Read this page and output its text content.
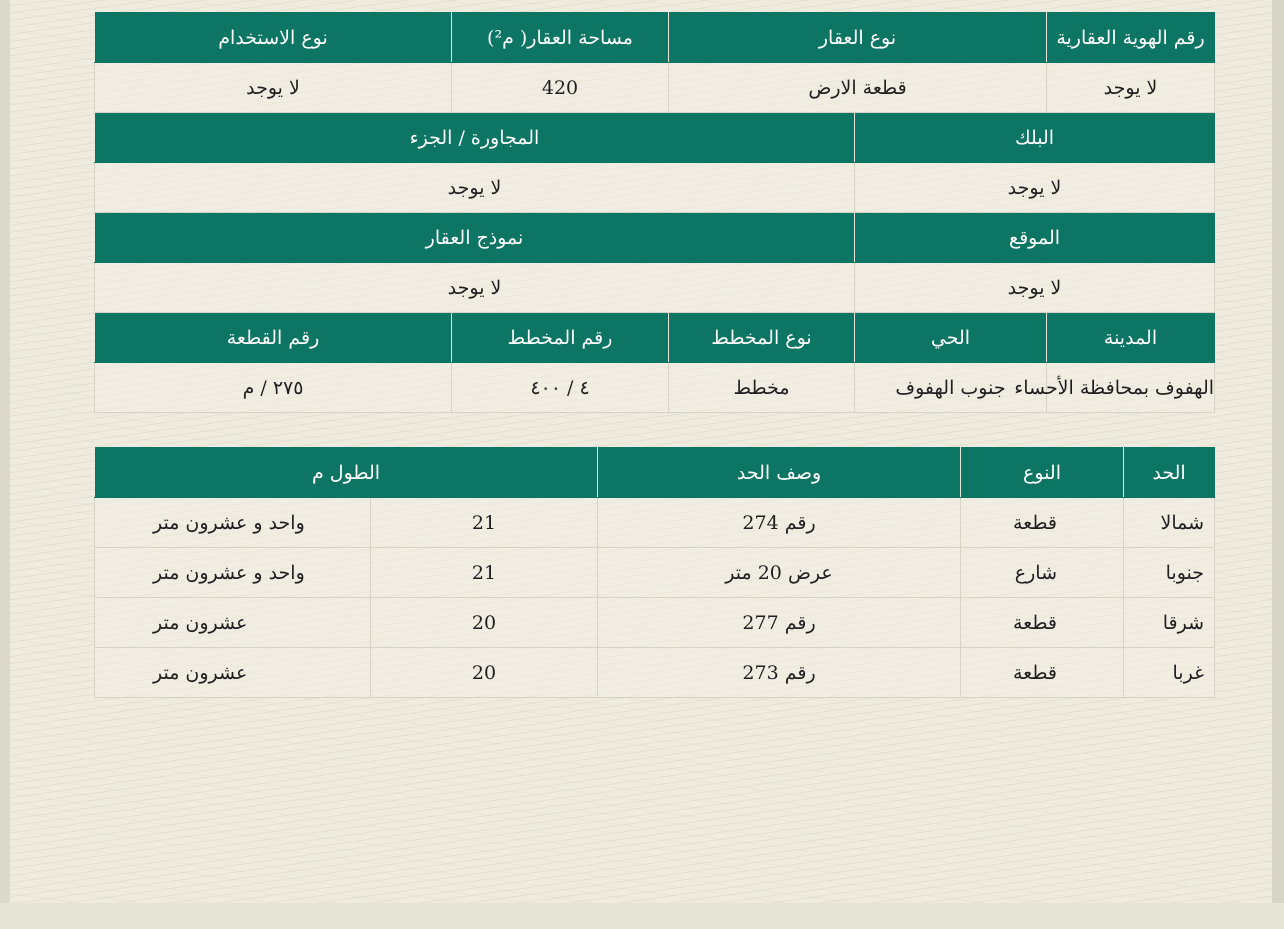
رقم الهوية العقارية	نوع العقار		مساحة العقار( م²)	نوع الاستخدام
لا يوجد	قطعة الارض		420	لا يوجد
البلك		المجاورة / الجزء		
لا يوجد		لا يوجد		
الموقع		نموذج العقار		
لا يوجد		لا يوجد		
المدينة	الحي	نوع المخطط	رقم المخطط	رقم القطعة
الهفوف بمحافظة الأحساء	جنوب الهفوف	مخطط	٤ / ٤٠٠	٢٧٥ / م
الحد	النوع	وصف الحد	الطول م	
شمالا	قطعة	رقم 274	21	واحد و عشرون متر
جنوبا	شارع	عرض 20 متر	21	واحد و عشرون متر
شرقا	قطعة	رقم 277	20	عشرون متر
غربا	قطعة	رقم 273	20	عشرون متر
